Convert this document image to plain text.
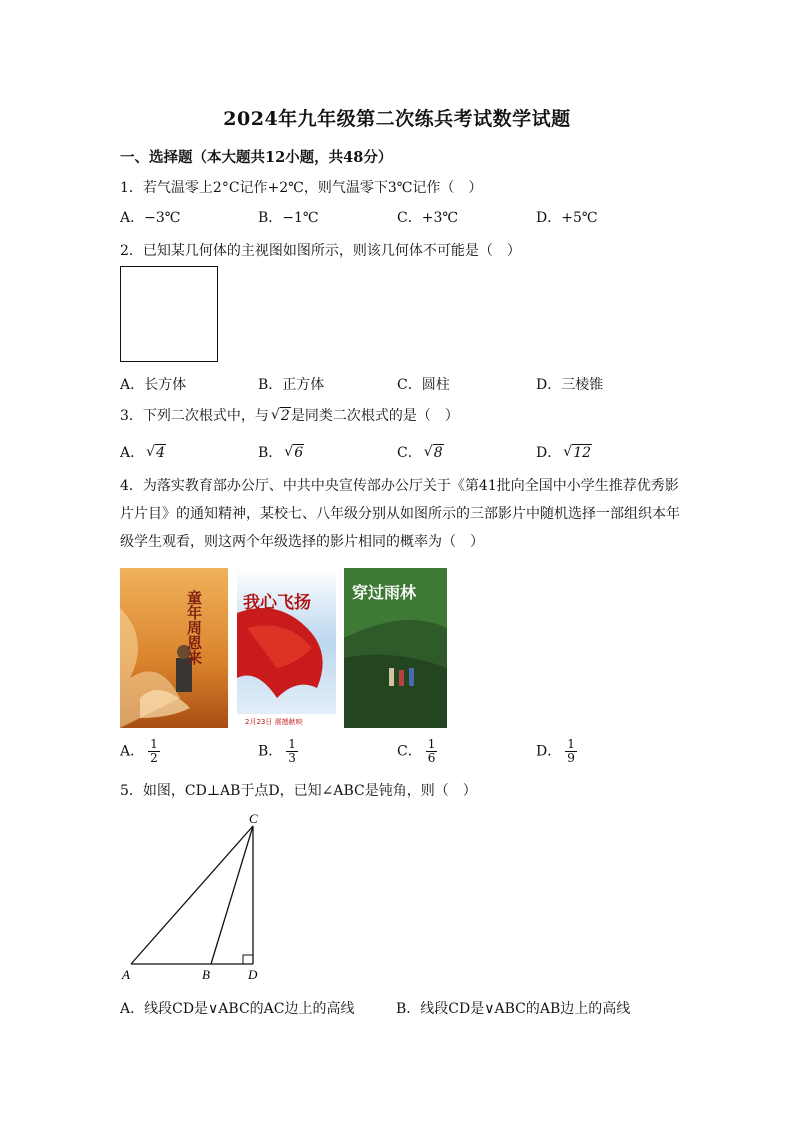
2024年九年级第二次练兵考试数学试题
一、选择题（本大题共12小题，共48分）
1．若气温零上2°C记作+2℃，则气温零下3℃记作（　）
A．−3℃	B．−1℃	C．+3℃	D．+5℃
2．已知某几何体的主视图如图所示，则该几何体不可能是（　）
A．长方体	B．正方体	C．圆柱	D．三棱锥
3．下列二次根式中，与 √ 2是同类二次根式的是（　）
A． √ 4	B． √ 6	C． √ 8	D． √ 12
4．为落实教育部办公厅、中共中央宣传部办公厅关于《第41批向全国中小学生推荐优秀影
片片目》的通知精神，某校七、八年级分别从如图所示的三部影片中随机选择一部组织本年
级学生观看，则这两个年级选择的影片相同的概率为（　）
童年周恩来 我心飞扬
2月23日 震撼献映
穿过雨林
A． $\frac{1}{2}$	B． $\frac{1}{3}$	C． $\frac{1}{6}$	D． $\frac{1}{9}$
5．如图，CD⊥AB于点D，已知∠ABC是钝角，则（　）
A	B
C
D
A．线段CD是∨ABC的AC边上的高线	B．线段CD是∨ABC的AB边上的高线
